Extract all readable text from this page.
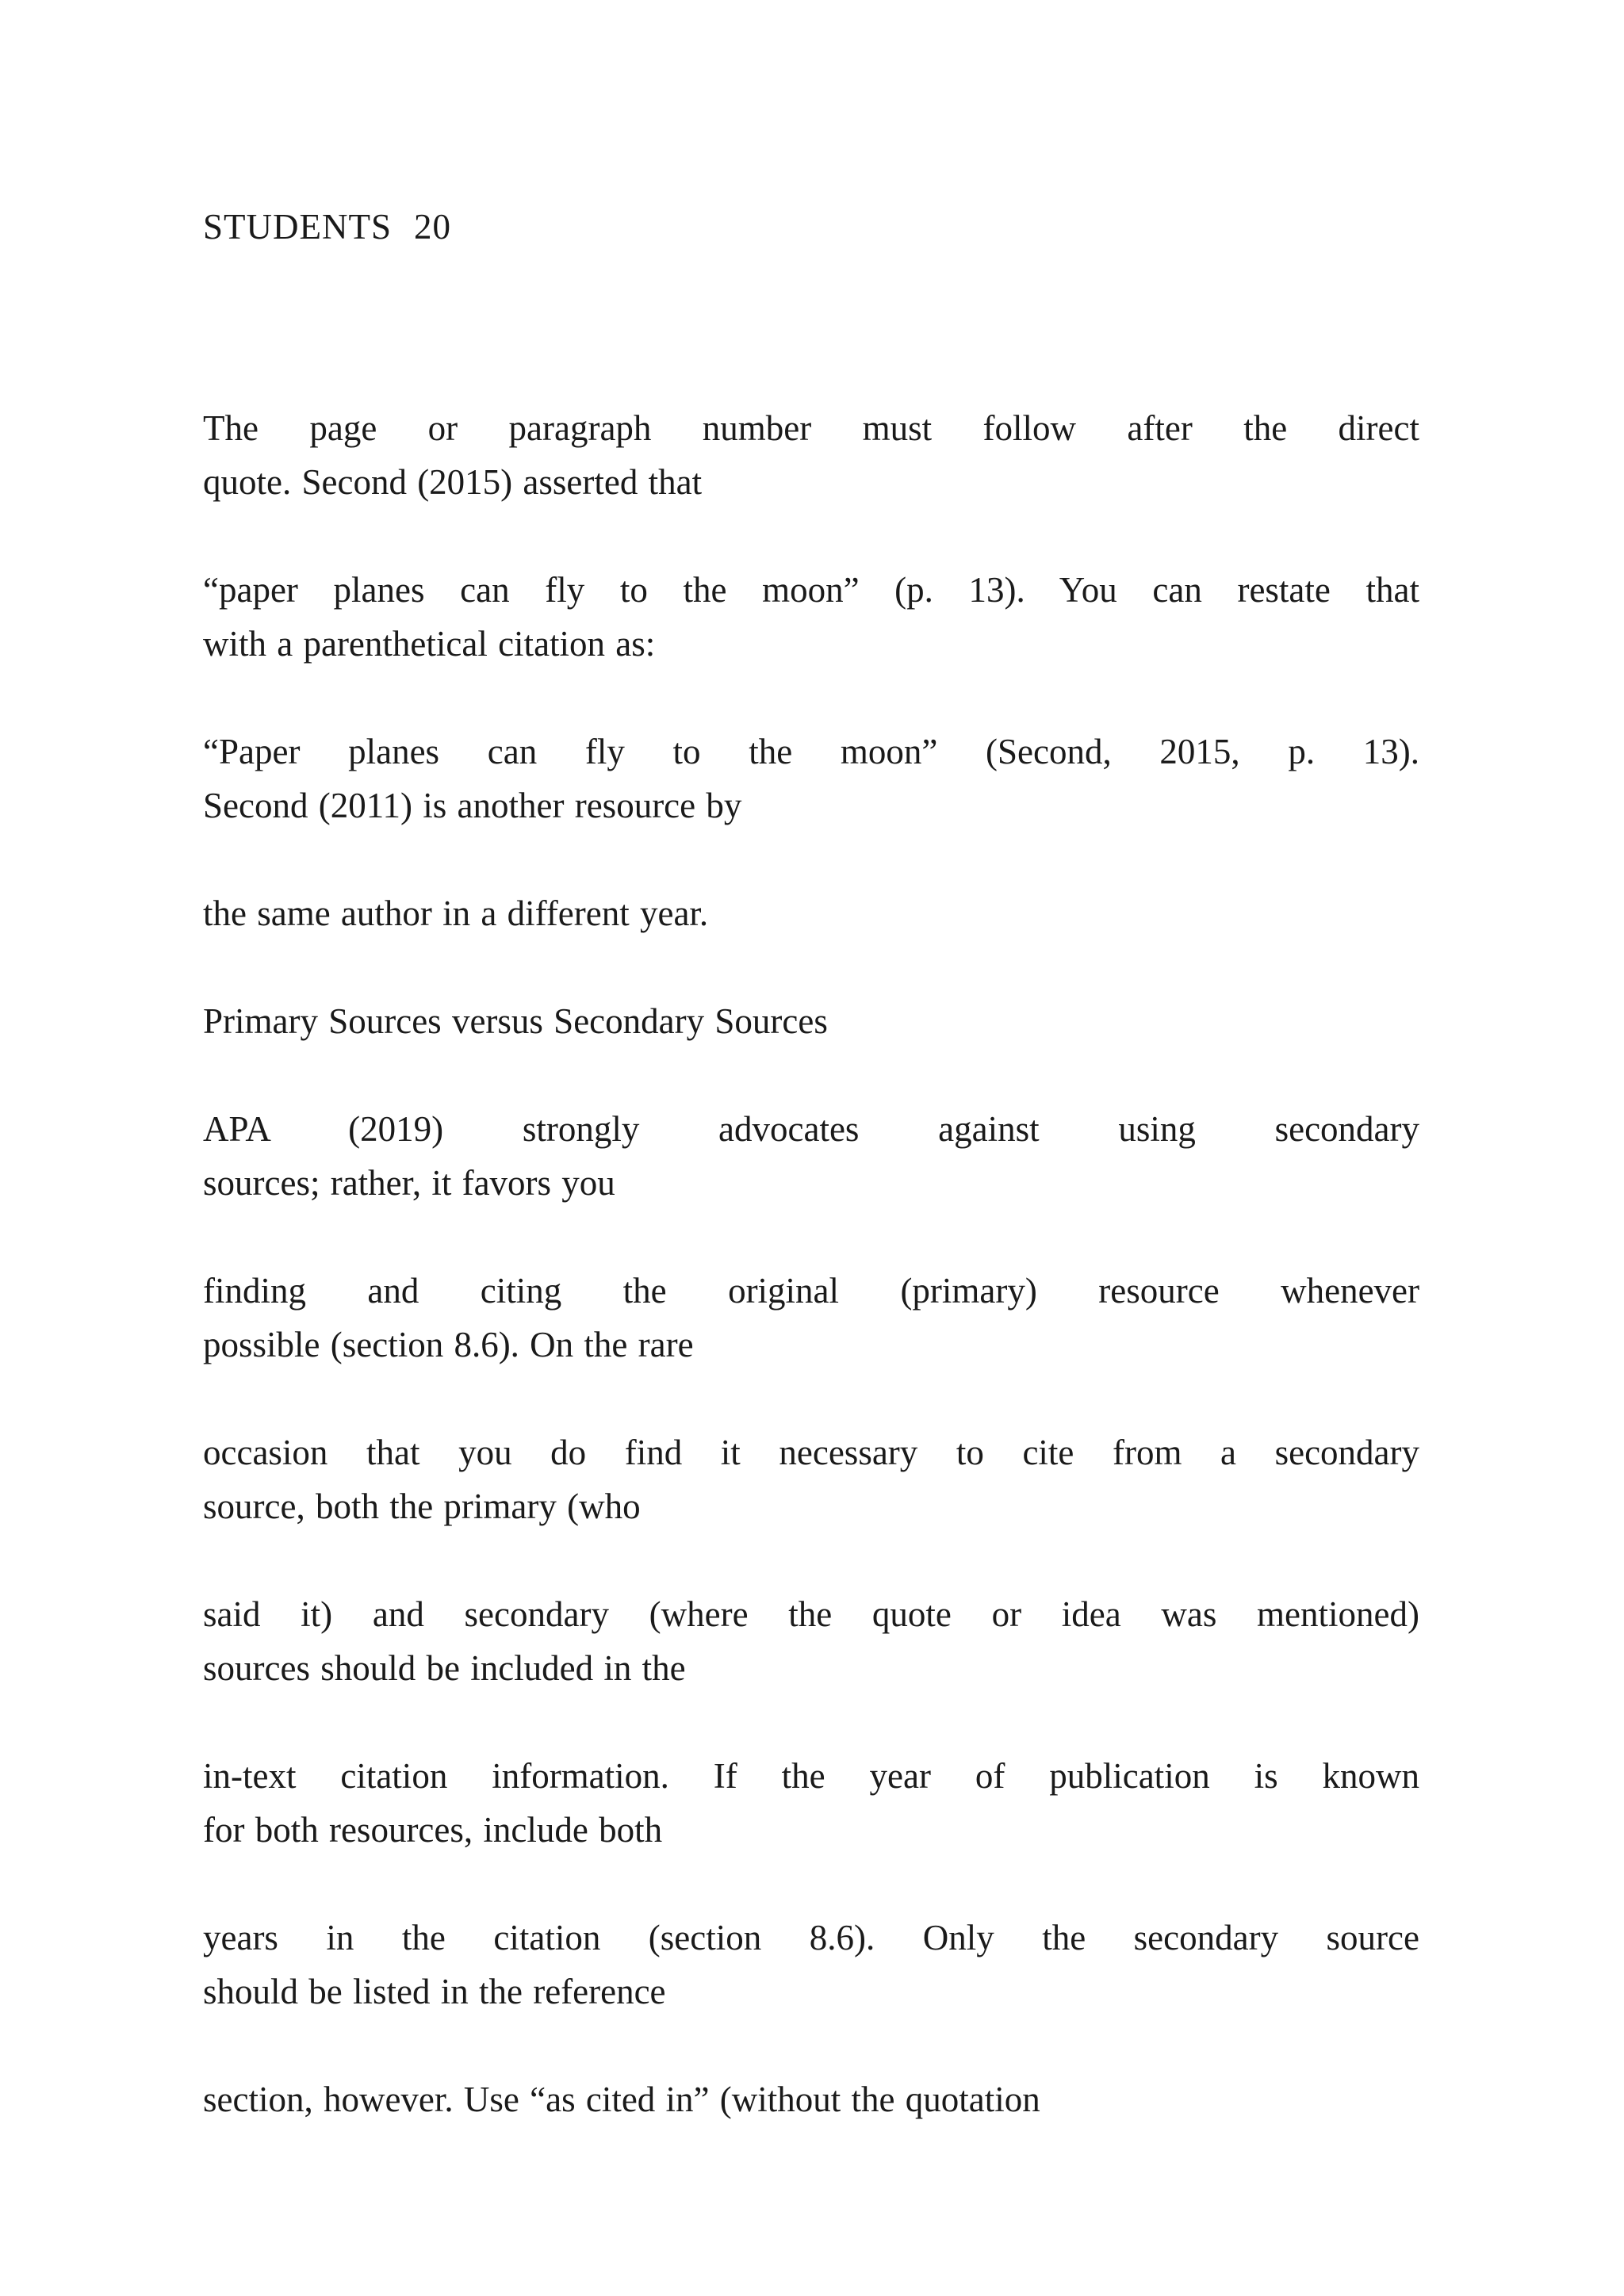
STUDENTS 20

The page or paragraph number must follow after the direct
quote. Second (2015) asserted that

“paper planes can fly to the moon” (p. 13). You can restate that
with a parenthetical citation as:

“Paper planes can fly to the moon” (Second, 2015, p. 13).
Second (2011) is another resource by

the same author in a different year.

Primary Sources versus Secondary Sources

APA (2019) strongly advocates against using secondary
sources; rather, it favors you

finding and citing the original (primary) resource whenever
possible (section 8.6). On the rare

occasion that you do find it necessary to cite from a secondary
source, both the primary (who

said it) and secondary (where the quote or idea was mentioned)
sources should be included in the

in-text citation information. If the year of publication is known
for both resources, include both

years in the citation (section 8.6). Only the secondary source
should be listed in the reference

section, however. Use “as cited in” (without the quotation
